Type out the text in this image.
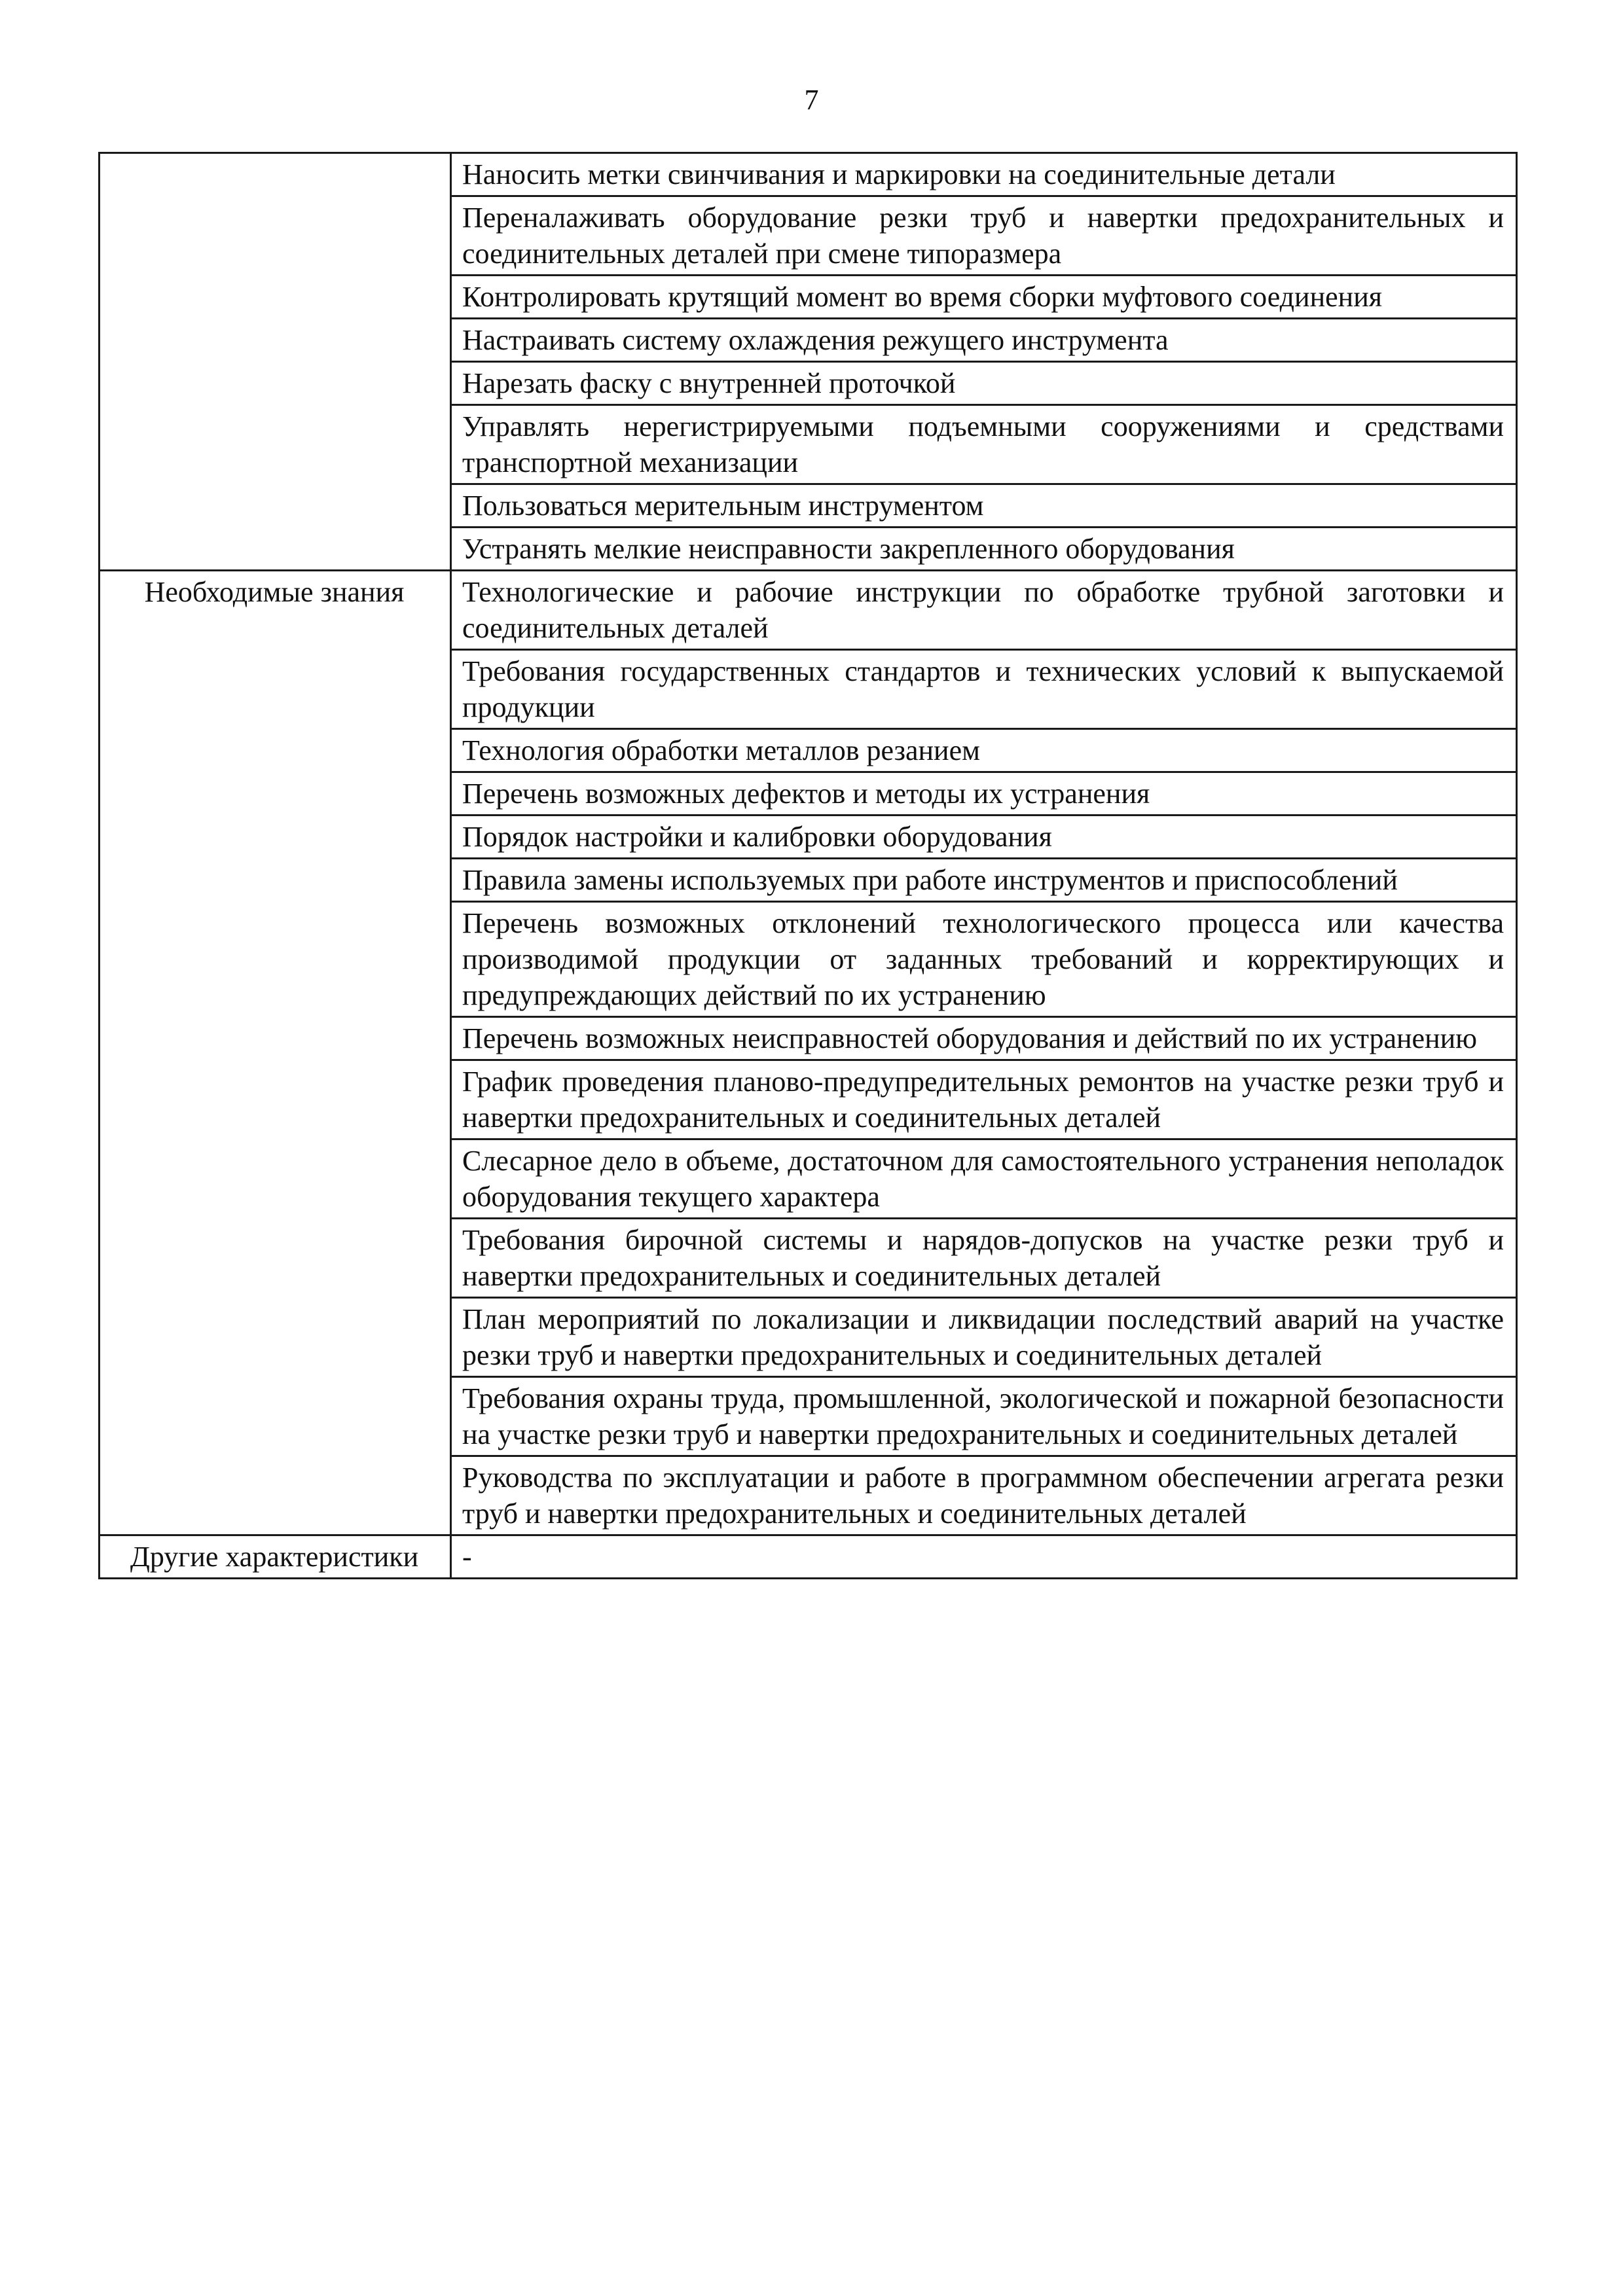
7
	Наносить метки свинчивания и маркировки на соединительные детали
	Переналаживать оборудование резки труб и навертки предохранительных и соединительных деталей при смене типоразмера
	Контролировать крутящий момент во время сборки муфтового соединения
	Настраивать систему охлаждения режущего инструмента
	Нарезать фаску с внутренней проточкой
	Управлять нерегистрируемыми подъемными сооружениями и средствами транспортной механизации
	Пользоваться мерительным инструментом
	Устранять мелкие неисправности закрепленного оборудования
Необходимые знания	Технологические и рабочие инструкции по обработке трубной заготовки и соединительных деталей
	Требования государственных стандартов и технических условий к выпускаемой продукции
	Технология обработки металлов резанием
	Перечень возможных дефектов и методы их устранения
	Порядок настройки и калибровки оборудования
	Правила замены используемых при работе инструментов и приспособлений
	Перечень возможных отклонений технологического процесса или качества производимой продукции от заданных требований и корректирующих и предупреждающих действий по их устранению
	Перечень возможных неисправностей оборудования и действий по их устранению
	График проведения планово-предупредительных ремонтов на участке резки труб и навертки предохранительных и соединительных деталей
	Слесарное дело в объеме, достаточном для самостоятельного устранения неполадок оборудования текущего характера
	Требования бирочной системы и нарядов-допусков на участке резки труб и навертки предохранительных и соединительных деталей
	План мероприятий по локализации и ликвидации последствий аварий на участке резки труб и навертки предохранительных и соединительных деталей
	Требования охраны труда, промышленной, экологической и пожарной безопасности на участке резки труб и навертки предохранительных и соединительных деталей
	Руководства по эксплуатации и работе в программном обеспечении агрегата резки труб и навертки предохранительных и соединительных деталей
Другие характеристики	-
